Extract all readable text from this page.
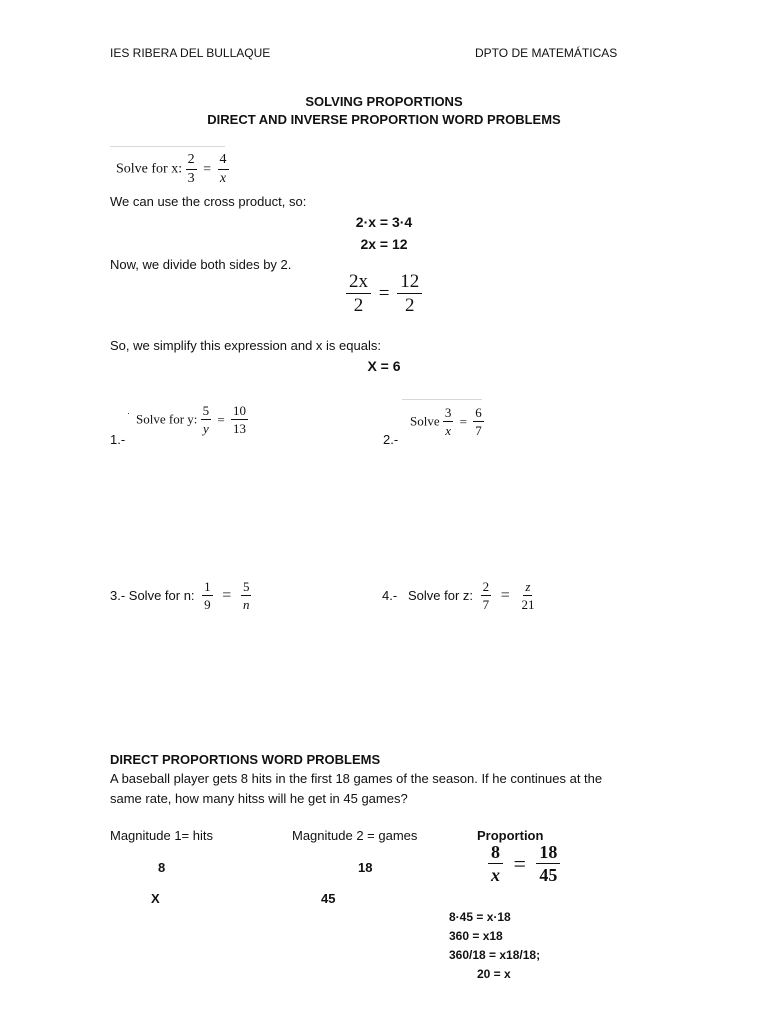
IES RIBERA DEL BULLAQUE	DPTO DE MATEMÁTICAS
SOLVING PROPORTIONS
DIRECT AND INVERSE PROPORTION WORD PROBLEMS
Solve for x: $\frac{2}{3} = \frac{4}{x}$
We can use the cross product, so:
2·x = 3·4
2x = 12
Now, we divide both sides by 2.
$\frac{2x}{2} = \frac{12}{2}$
So, we simplify this expression and x is equals:
X = 6
· Solve for y: $\frac{5}{y} = \frac{10}{13}$
1.-
Solve $\frac{3}{x} = \frac{6}{7}$
2.-
3.- Solve for n: $\frac{1}{9} = \frac{5}{n}$	4.-   Solve for z: $\frac{2}{7} = \frac{z}{21}$
DIRECT PROPORTIONS WORD PROBLEMS
A baseball player gets 8 hits in the first 18 games of the season. If he continues at the
same rate, how many hitss will he get in 45 games?
Magnitude 1= hits	Magnitude 2 = games	Proportion
8	18
X	45
$\frac{8}{x} = \frac{18}{45}$
8·45 = x·18
360 = x18
360/18 = x18/18;
20 = x
